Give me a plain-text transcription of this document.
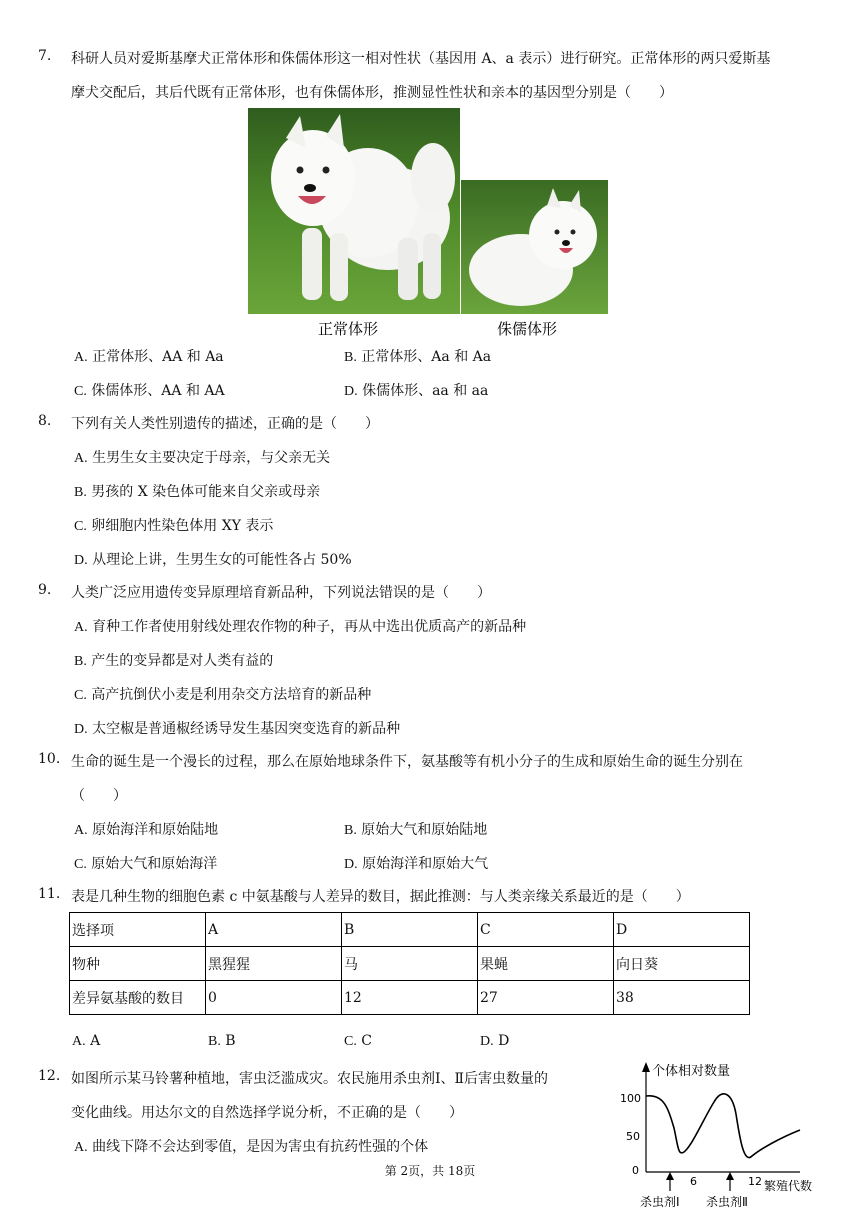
7. 科研人员对爱斯基摩犬正常体形和侏儒体形这一相对性状（基因用 A、a 表示）进行研究。正常体形的两只爱斯基
摩犬交配后，其后代既有正常体形，也有侏儒体形，推测显性性状和亲本的基因型分别是（　　）
正常体形	侏儒体形
A. 正常体形、AA 和 Aa	B. 正常体形、Aa 和 Aa
C. 侏儒体形、AA 和 AA	D. 侏儒体形、aa 和 aa
8. 下列有关人类性别遗传的描述，正确的是（　　）
A. 生男生女主要决定于母亲，与父亲无关
B. 男孩的 X 染色体可能来自父亲或母亲
C. 卵细胞内性染色体用 XY 表示
D. 从理论上讲，生男生女的可能性各占 50%
9. 人类广泛应用遗传变异原理培育新品种，下列说法错误的是（　　）
A. 育种工作者使用射线处理农作物的种子，再从中选出优质高产的新品种
B. 产生的变异都是对人类有益的
C. 高产抗倒伏小麦是利用杂交方法培育的新品种
D. 太空椒是普通椒经诱导发生基因突变选育的新品种
10. 生命的诞生是一个漫长的过程，那么在原始地球条件下，氨基酸等有机小分子的生成和原始生命的诞生分别在
（　　）
A. 原始海洋和原始陆地	B. 原始大气和原始陆地
C. 原始大气和原始海洋	D. 原始海洋和原始大气
11. 表是几种生物的细胞色素 c 中氨基酸与人差异的数目，据此推测：与人类亲缘关系最近的是（　　）
选择项	A	B	C	D
物种	黑猩猩	马	果蝇	向日葵
差异氨基酸的数目	0	12	27	38
A. A	B. B	C. C	D. D
12. 如图所示某马铃薯种植地，害虫泛滥成灾。农民施用杀虫剂Ⅰ、Ⅱ后害虫数量的
变化曲线。用达尔文的自然选择学说分析，不正确的是（　　）
A. 曲线下降不会达到零值，是因为害虫有抗药性强的个体
个体相对数量
100
50
0
6	12 繁殖代数
杀虫剂Ⅰ 杀虫剂Ⅱ
第 2页，共 18页
